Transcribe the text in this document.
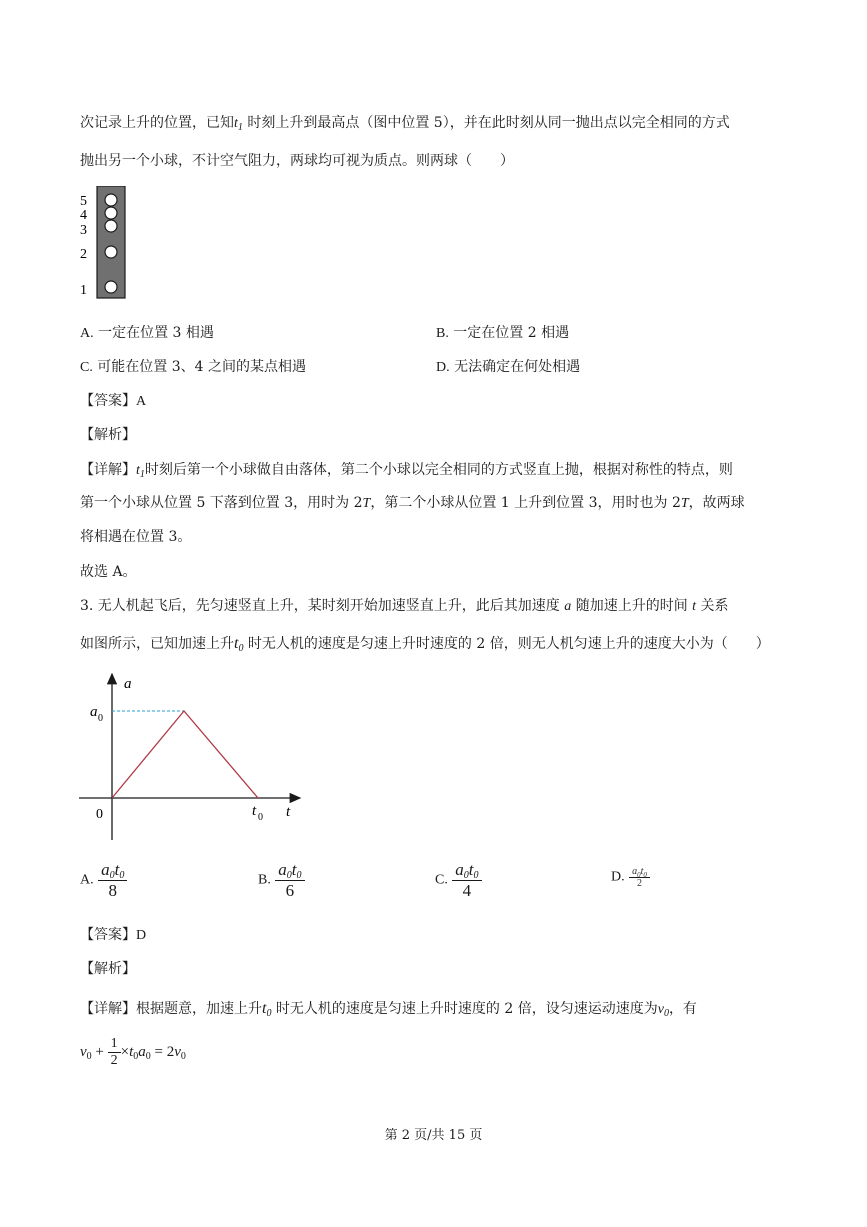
次记录上升的位置，已知$t_1$ 时刻上升到最高点（图中位置 5），并在此时刻从同一抛出点以完全相同的方式
抛出另一个小球，不计空气阻力，两球均可视为质点。则两球（　　）
5
4
3
2
1
A. 一定在位置 3 相遇	B. 一定在位置 2 相遇
C. 可能在位置 3、4 之间的某点相遇	D. 无法确定在何处相遇
【答案】A
【解析】
【详解】$t_1$时刻后第一个小球做自由落体，第二个小球以完全相同的方式竖直上抛，根据对称性的特点，则
第一个小球从位置 5 下落到位置 3，用时为 2T，第二个小球从位置 1 上升到位置 3，用时也为 2T，故两球
将相遇在位置 3。
故选 A。
3. 无人机起飞后，先匀速竖直上升，某时刻开始加速竖直上升，此后其加速度 a 随加速上升的时间 t 关系
如图所示，已知加速上升$t_0$ 时无人机的速度是匀速上升时速度的 2 倍，则无人机匀速上升的速度大小为（　　）
a
t
0
a 0
t 0
A. $\frac{a_0t_0}{8}$	B. $\frac{a_0t_0}{6}$	C. $\frac{a_0t_0}{4}$	D. $\frac{a_0t_0}{2}$
【答案】D
【解析】
【详解】根据题意，加速上升$t_0$ 时无人机的速度是匀速上升时速度的 2 倍，设匀速运动速度为$v_0$，有
$v_0 + \frac{1}{2} \times t_0a_0 = 2v_0$
第 2 页/共 15 页
